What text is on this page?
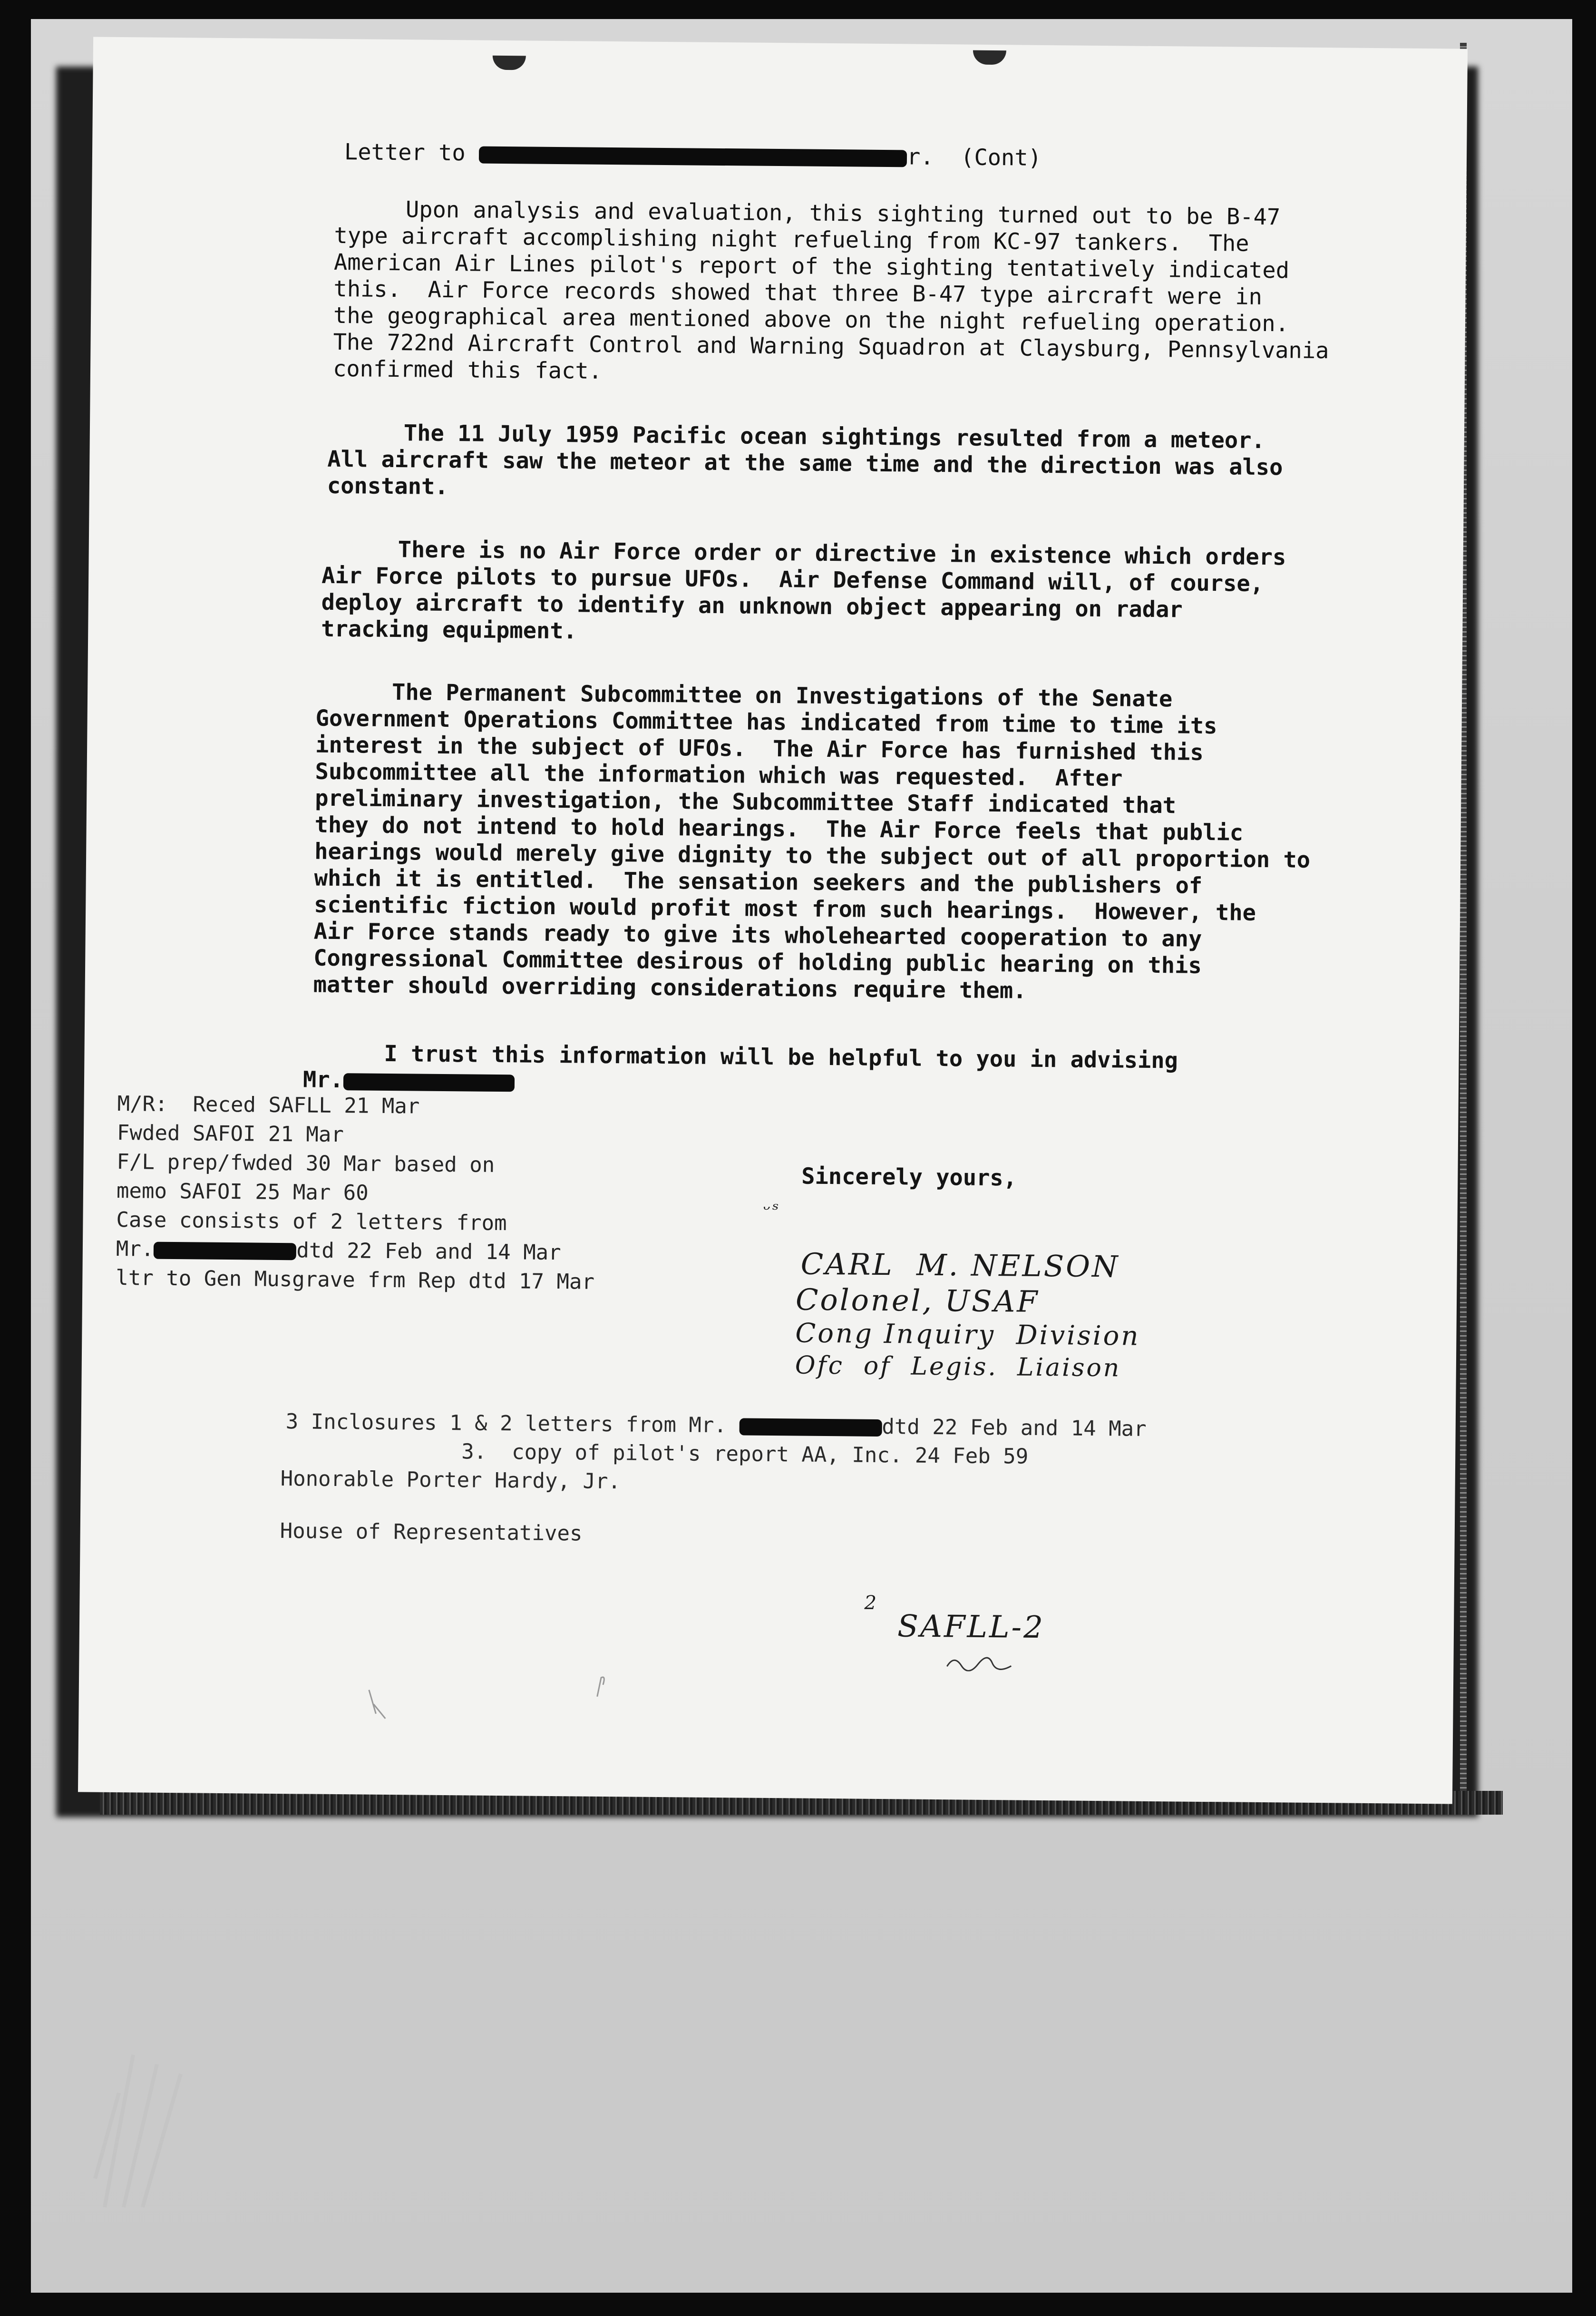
Letter to	r.  (Cont)
Upon analysis and evaluation, this sighting turned out to be B-47
type aircraft accomplishing night refueling from KC-97 tankers.  The
American Air Lines pilot's report of the sighting tentatively indicated
this.  Air Force records showed that three B-47 type aircraft were in
the geographical area mentioned above on the night refueling operation.
The 722nd Aircraft Control and Warning Squadron at Claysburg, Pennsylvania
confirmed this fact.
The 11 July 1959 Pacific ocean sightings resulted from a meteor.
All aircraft saw the meteor at the same time and the direction was also
constant.
There is no Air Force order or directive in existence which orders
Air Force pilots to pursue UFOs.  Air Defense Command will, of course,
deploy aircraft to identify an unknown object appearing on radar
tracking equipment.
The Permanent Subcommittee on Investigations of the Senate
Government Operations Committee has indicated from time to time its
interest in the subject of UFOs.  The Air Force has furnished this
Subcommittee all the information which was requested.  After
preliminary investigation, the Subcommittee Staff indicated that
they do not intend to hold hearings.  The Air Force feels that public
hearings would merely give dignity to the subject out of all proportion to
which it is entitled.  The sensation seekers and the publishers of
scientific fiction would profit most from such hearings.  However, the
Air Force stands ready to give its wholehearted cooperation to any
Congressional Committee desirous of holding public hearing on this
matter should overriding considerations require them.
I trust this information will be helpful to you in advising
Mr.
M/R:  Reced SAFLL 21 Mar
Fwded SAFOI 21 Mar
F/L prep/fwded 30 Mar based on
memo SAFOI 25 Mar 60
Case consists of 2 letters from
Mr.	dtd 22 Feb and 14 Mar
ltr to Gen Musgrave frm Rep dtd 17 Mar
Sincerely yours,
ᵕˢ
CARL  M. NELSON
Colonel, USAF
Cong Inquiry  Division
Ofc  of  Legis.  Liaison
3 Inclosures 1 & 2 letters from Mr.	dtd 22 Feb and 14 Mar
3.  copy of pilot's report AA, Inc. 24 Feb 59
Honorable Porter Hardy, Jr.
House of Representatives
2
SAFLL-2
